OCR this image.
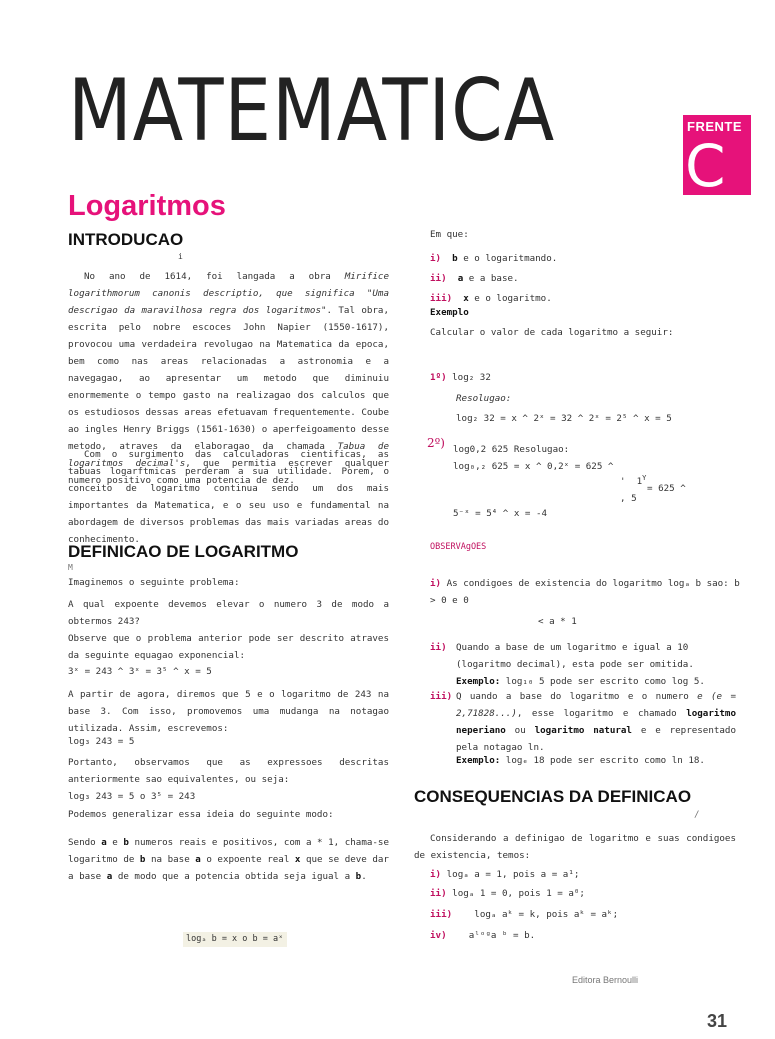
MATEMATICA	FRENTE
C
Logaritmos
INTRODUCAO
i
No ano de 1614, foi langada a obra Mirifice logarithmorum canonis descriptio, que significa "Uma descrigao da maravilhosa regra dos logaritmos". Tal obra, escrita pelo nobre escoces John Napier (1550-1617), provocou uma verdadeira revolugao na Matematica da epoca, bem como nas areas relacionadas a astronomia e a navegagao, ao apresentar um metodo que diminuiu enormemente o tempo gasto na realizagao dos calculos que os estudiosos dessas areas efetuavam frequentemente. Coube ao ingles Henry Briggs (1561-1630) o aperfeigoamento desse metodo, atraves da elaboragao da chamada Tabua de logaritmos decimal's, que permitia escrever qualquer numero positivo como uma potencia de dez.
Com o surgimento das calculadoras cientificas, as tabuas logarftmicas perderam a sua utilidade. Porem, o conceito de logaritmo continua sendo um dos mais importantes da Matematica, e o seu uso e fundamental na abordagem de diversos problemas das mais variadas areas do conhecimento.
DEFINICAO DE LOGARITMO
M
Imaginemos o seguinte problema:
A qual expoente devemos elevar o numero 3 de modo a obtermos 243?
Observe que o problema anterior pode ser descrito atraves da seguinte equagao exponencial:
3ˣ = 243 ^ 3ˣ = 3⁵ ^ x = 5
A partir de agora, diremos que 5 e o logaritmo de 243 na base 3. Com isso, promovemos uma mudanga na notagao utilizada. Assim, escrevemos:
log₃ 243 = 5
Portanto, observamos que as expressoes descritas anteriormente sao equivalentes, ou seja:
log₃ 243 = 5 o 3⁵ = 243
Podemos generalizar essa ideia do seguinte modo:
Sendo a e b numeros reais e positivos, com a * 1, chama-se logaritmo de b na base a o expoente real x que se deve dar a base a de modo que a potencia obtida seja igual a b.
logₐ b = x o b = aˣ
Em que:
i) b e o logaritmando.
ii) a e a base.
iii) x e o logaritmo.
Exemplo
Calcular o valor de cada logaritmo a seguir:
1º) log₂ 32
Resolugao:
log₂ 32 = x ^ 2ˣ = 32 ^ 2ˣ = 2⁵ ^ x = 5
2º) log0,2 625 Resolugao:
log₀,₂ 625 = x ^ 0,2ˣ = 625 ^
' $1^Y$
= 625 ^
, 5
5⁻ˣ = 5⁴ ^ x = -4
OBSERVAgOES
i) As condigoes de existencia do logaritmo logₐ b sao: b > 0 e 0
< a * 1
ii) Quando a base de um logaritmo e igual a 10 (logaritmo decimal), esta pode ser omitida. Exemplo: log₁₀ 5 pode ser escrito como log 5.
iii) Q uando a base do logaritmo e o numero e (e = 2,71828...), esse logaritmo e chamado logaritmo neperiano ou logaritmo natural e e representado pela notagao ln.
Exemplo: logₑ 18 pode ser escrito como ln 18.
CONSEQUENCIAS DA DEFINICAO
/
Considerando a definigao de logaritmo e suas condigoes de existencia, temos:
i) logₐ a = 1, pois a = a¹;
ii) logₐ 1 = 0, pois 1 = a⁰;
iii)    logₐ aᵏ = k, pois aᵏ = aᵏ;
iv)    aˡᵒᵍa ᵇ = b.
Editora Bernoulli
31
